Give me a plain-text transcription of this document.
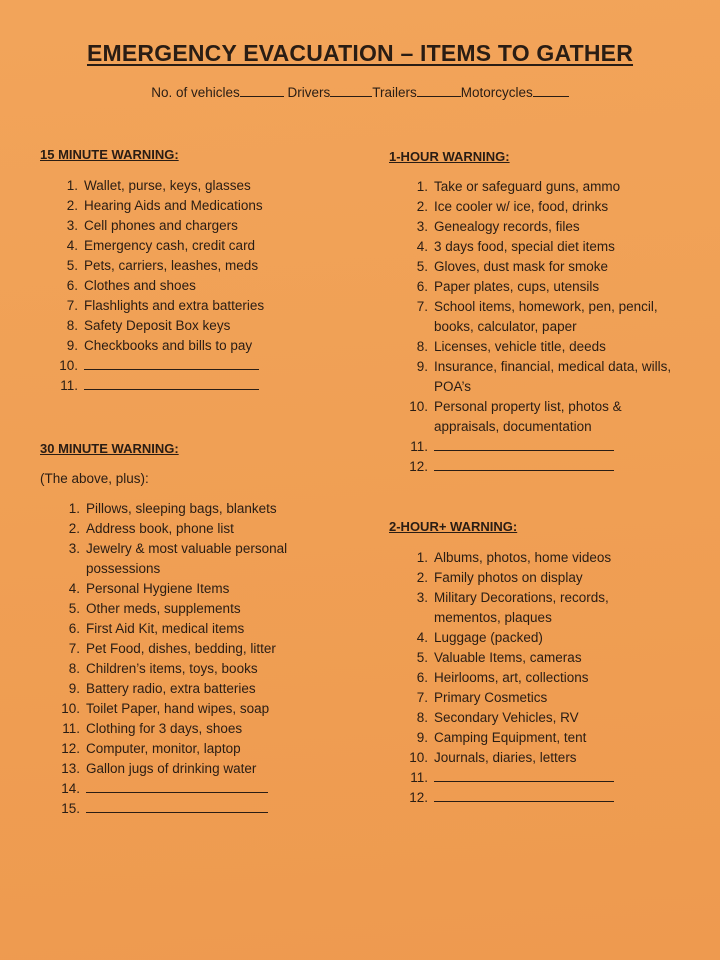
EMERGENCY EVACUATION – ITEMS TO GATHER
No. of vehicles	Drivers	Trailers	Motorcycles
15 MINUTE WARNING:
1. Wallet, purse, keys, glasses
2. Hearing Aids and Medications
3. Cell phones and chargers
4. Emergency cash, credit card
5. Pets, carriers, leashes, meds
6. Clothes and shoes
7. Flashlights and extra batteries
8. Safety Deposit Box keys
9. Checkbooks and bills to pay
10.
11.
30 MINUTE WARNING:
(The above, plus):
1. Pillows, sleeping bags, blankets
2. Address book, phone list
3. Jewelry & most valuable personal
possessions
4. Personal Hygiene Items
5. Other meds, supplements
6. First Aid Kit, medical items
7. Pet Food, dishes, bedding, litter
8. Children’s items, toys, books
9. Battery radio, extra batteries
10. Toilet Paper, hand wipes, soap
11. Clothing for 3 days, shoes
12. Computer, monitor, laptop
13. Gallon jugs of drinking water
14.
15.
1-HOUR WARNING:
1. Take or safeguard guns, ammo
2. Ice cooler w/ ice, food, drinks
3. Genealogy records, files
4. 3 days food, special diet items
5. Gloves, dust mask for smoke
6. Paper plates, cups, utensils
7. School items, homework, pen, pencil,
books, calculator, paper
8. Licenses, vehicle title, deeds
9. Insurance, financial, medical data, wills,
POA’s
10. Personal property list, photos &
appraisals, documentation
11.
12.
2-HOUR+ WARNING:
1. Albums, photos, home videos
2. Family photos on display
3. Military Decorations, records,
mementos, plaques
4. Luggage (packed)
5. Valuable Items, cameras
6. Heirlooms, art, collections
7. Primary Cosmetics
8. Secondary Vehicles, RV
9. Camping Equipment, tent
10. Journals, diaries, letters
11.
12.
